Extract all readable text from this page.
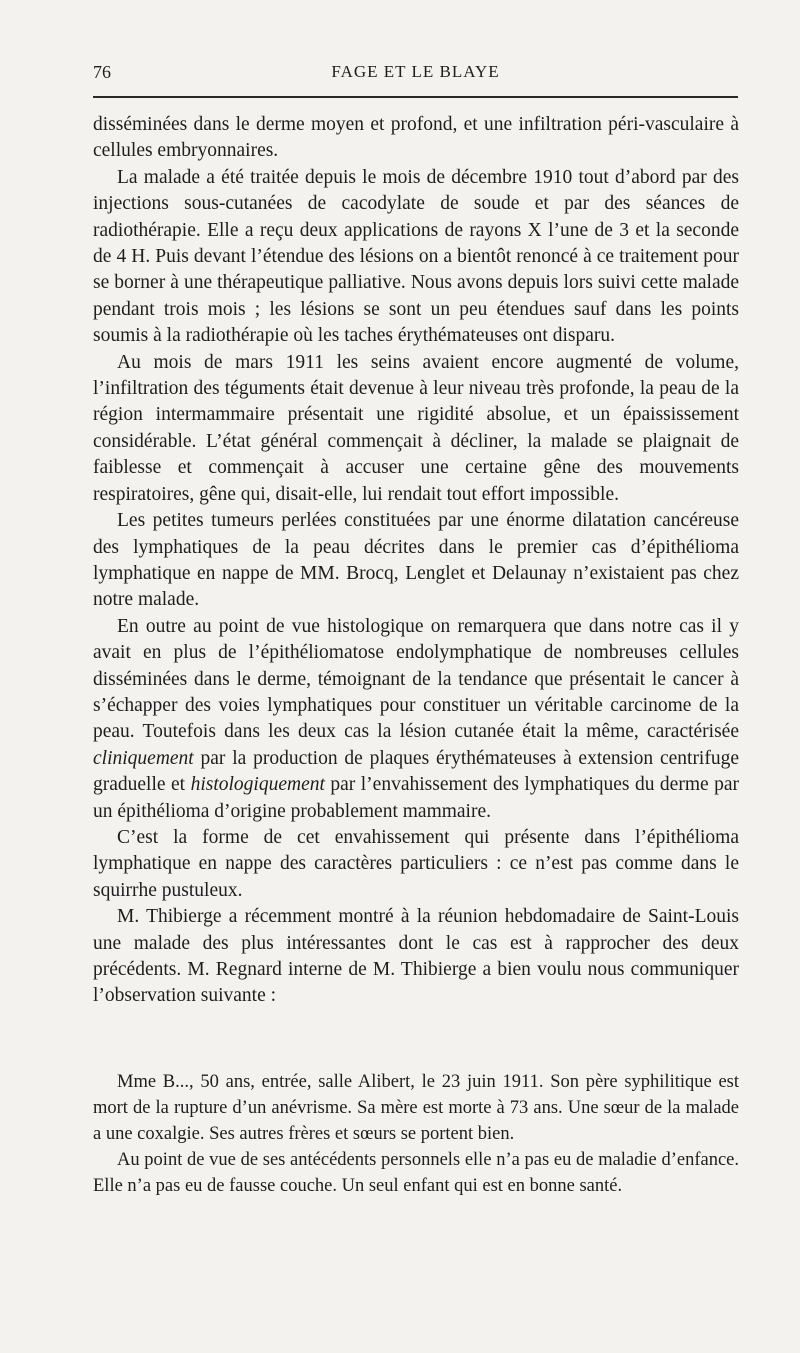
76	FAGE ET LE BLAYE

disséminées dans le derme moyen et profond, et une infiltration péri-vasculaire à cellules embryonnaires.

La malade a été traitée depuis le mois de décembre 1910 tout d’abord par des injections sous-cutanées de cacodylate de soude et par des séances de radiothérapie. Elle a reçu deux applications de rayons X l’une de 3 et la seconde de 4 H. Puis devant l’étendue des lésions on a bientôt renoncé à ce traitement pour se borner à une thérapeutique palliative. Nous avons depuis lors suivi cette malade pendant trois mois ; les lésions se sont un peu étendues sauf dans les points soumis à la radiothérapie où les taches érythémateuses ont disparu.

Au mois de mars 1911 les seins avaient encore augmenté de volume, l’infiltration des téguments était devenue à leur niveau très profonde, la peau de la région intermammaire présentait une rigidité absolue, et un épaississement considérable. L’état général commençait à décliner, la malade se plaignait de faiblesse et commençait à accuser une certaine gêne des mouvements respiratoires, gêne qui, disait-elle, lui rendait tout effort impossible.

Les petites tumeurs perlées constituées par une énorme dilatation cancéreuse des lymphatiques de la peau décrites dans le premier cas d’épithélioma lymphatique en nappe de MM. Brocq, Lenglet et Delaunay n’existaient pas chez notre malade.

En outre au point de vue histologique on remarquera que dans notre cas il y avait en plus de l’épithéliomatose endolymphatique de nombreuses cellules disséminées dans le derme, témoignant de la tendance que présentait le cancer à s’échapper des voies lymphatiques pour constituer un véritable carcinome de la peau. Toutefois dans les deux cas la lésion cutanée était la même, caractérisée cliniquement par la production de plaques érythémateuses à extension centrifuge graduelle et histologiquement par l’envahissement des lymphatiques du derme par un épithélioma d’origine probablement mammaire.

C’est la forme de cet envahissement qui présente dans l’épithélioma lymphatique en nappe des caractères particuliers : ce n’est pas comme dans le squirrhe pustuleux.

M. Thibierge a récemment montré à la réunion hebdomadaire de Saint-Louis une malade des plus intéressantes dont le cas est à rapprocher des deux précédents. M. Regnard interne de M. Thibierge a bien voulu nous communiquer l’observation suivante :

Mme B..., 50 ans, entrée, salle Alibert, le 23 juin 1911. Son père syphilitique est mort de la rupture d’un anévrisme. Sa mère est morte à 73 ans. Une sœur de la malade a une coxalgie. Ses autres frères et sœurs se portent bien.

Au point de vue de ses antécédents personnels elle n’a pas eu de maladie d’enfance. Elle n’a pas eu de fausse couche. Un seul enfant qui est en bonne santé.
